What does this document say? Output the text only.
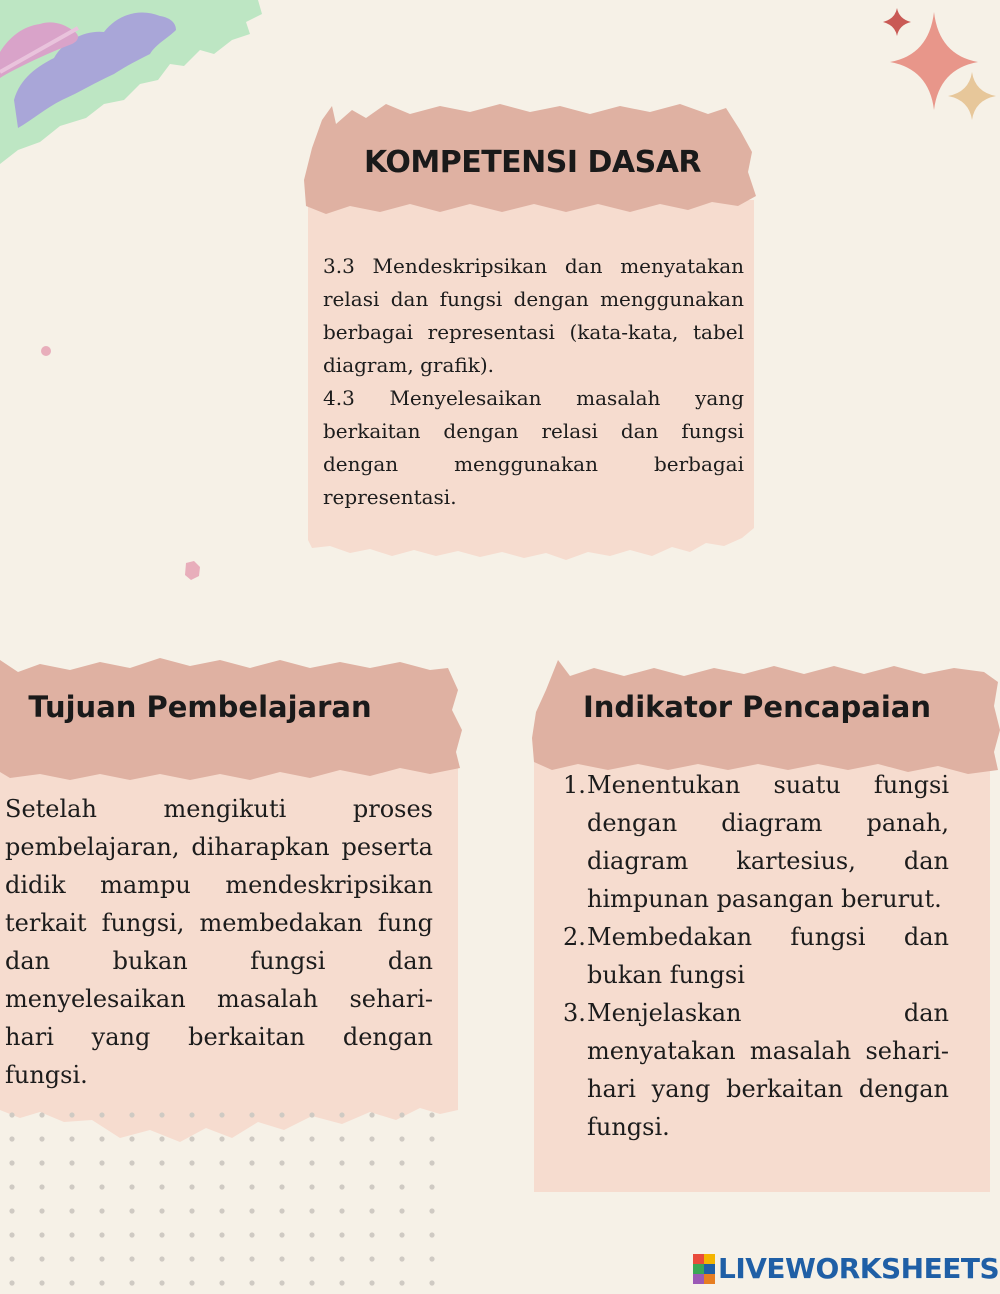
KOMPETENSI DASAR

3.3 Mendeskripsikan dan menyatakan relasi dan fungsi dengan menggunakan berbagai representasi (kata-kata, tabel diagram, grafik).

4.3 Menyelesaikan masalah yang berkaitan dengan relasi dan fungsi dengan menggunakan berbagai representasi.

Tujuan Pembelajaran
Setelah mengikuti proses pembelajaran, diharapkan peserta didik mampu mendeskripsikan terkait fungsi, membedakan fung dan bukan fungsi dan menyelesaikan masalah sehari-hari yang berkaitan dengan fungsi.
Indikator Pencapaian
1. Menentukan suatu fungsi dengan diagram panah, diagram kartesius, dan himpunan pasangan berurut.
2. Membedakan fungsi dan bukan fungsi
3. Menjelaskan dan menyatakan masalah sehari-hari yang berkaitan dengan fungsi.
LIVEWORKSHEETS
